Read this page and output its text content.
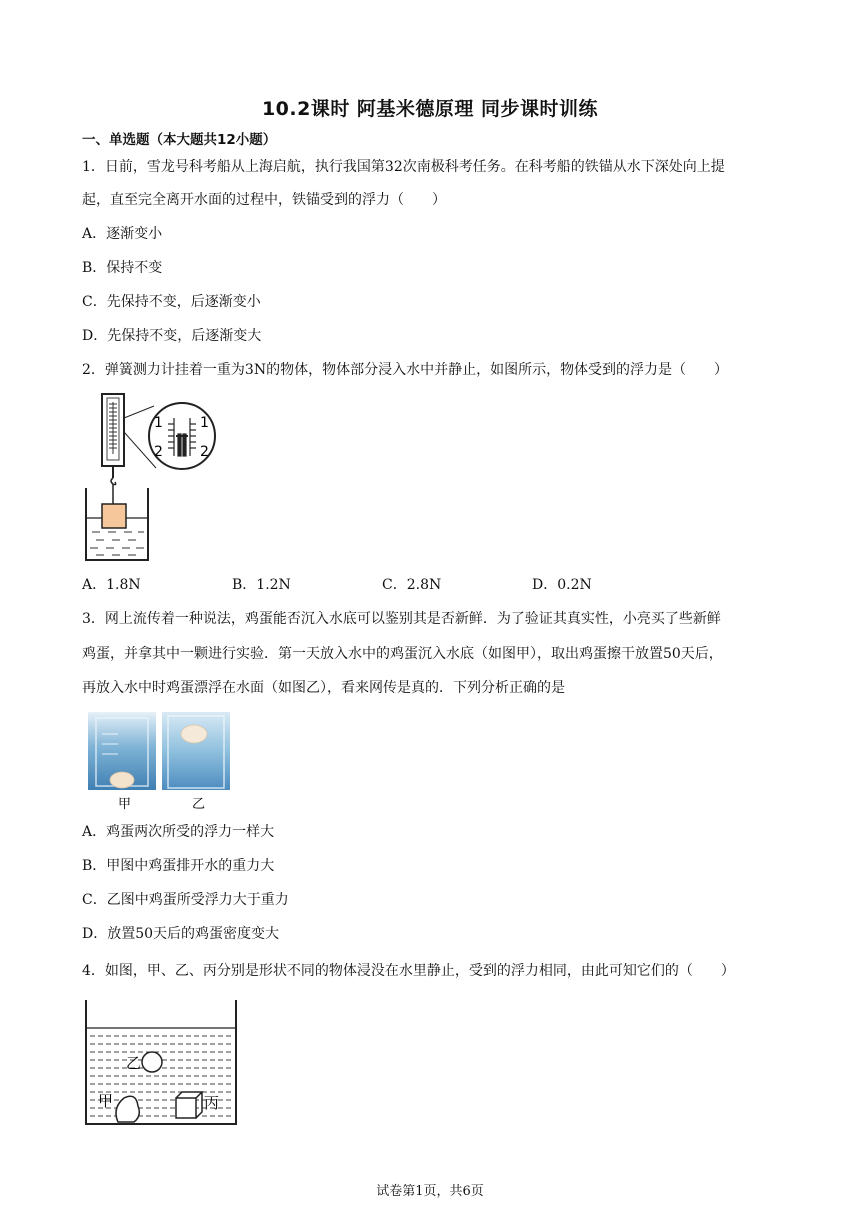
10.2课时 阿基米德原理 同步课时训练
一、单选题（本大题共12小题）
1．日前，雪龙号科考船从上海启航，执行我国第32次南极科考任务。在科考船的铁锚从水下深处向上提
起，直至完全离开水面的过程中，铁锚受到的浮力（　　）
A．逐渐变小
B．保持不变
C．先保持不变，后逐渐变小
D．先保持不变，后逐渐变大
2．弹簧测力计挂着一重为3N的物体，物体部分浸入水中并静止，如图所示，物体受到的浮力是（　　）
1
2
1
2
A．1.8N	B．1.2N	C．2.8N	D．0.2N
3．网上流传着一种说法，鸡蛋能否沉入水底可以鉴别其是否新鲜．为了验证其真实性，小亮买了些新鲜
鸡蛋，并拿其中一颗进行实验．第一天放入水中的鸡蛋沉入水底（如图甲），取出鸡蛋擦干放置50天后，
再放入水中时鸡蛋漂浮在水面（如图乙），看来网传是真的．下列分析正确的是
甲	乙
A．鸡蛋两次所受的浮力一样大
B．甲图中鸡蛋排开水的重力大
C．乙图中鸡蛋所受浮力大于重力
D．放置50天后的鸡蛋密度变大
4．如图，甲、乙、丙分别是形状不同的物体浸没在水里静止，受到的浮力相同，由此可知它们的（　　）
乙
甲	丙
试卷第1页，共6页
